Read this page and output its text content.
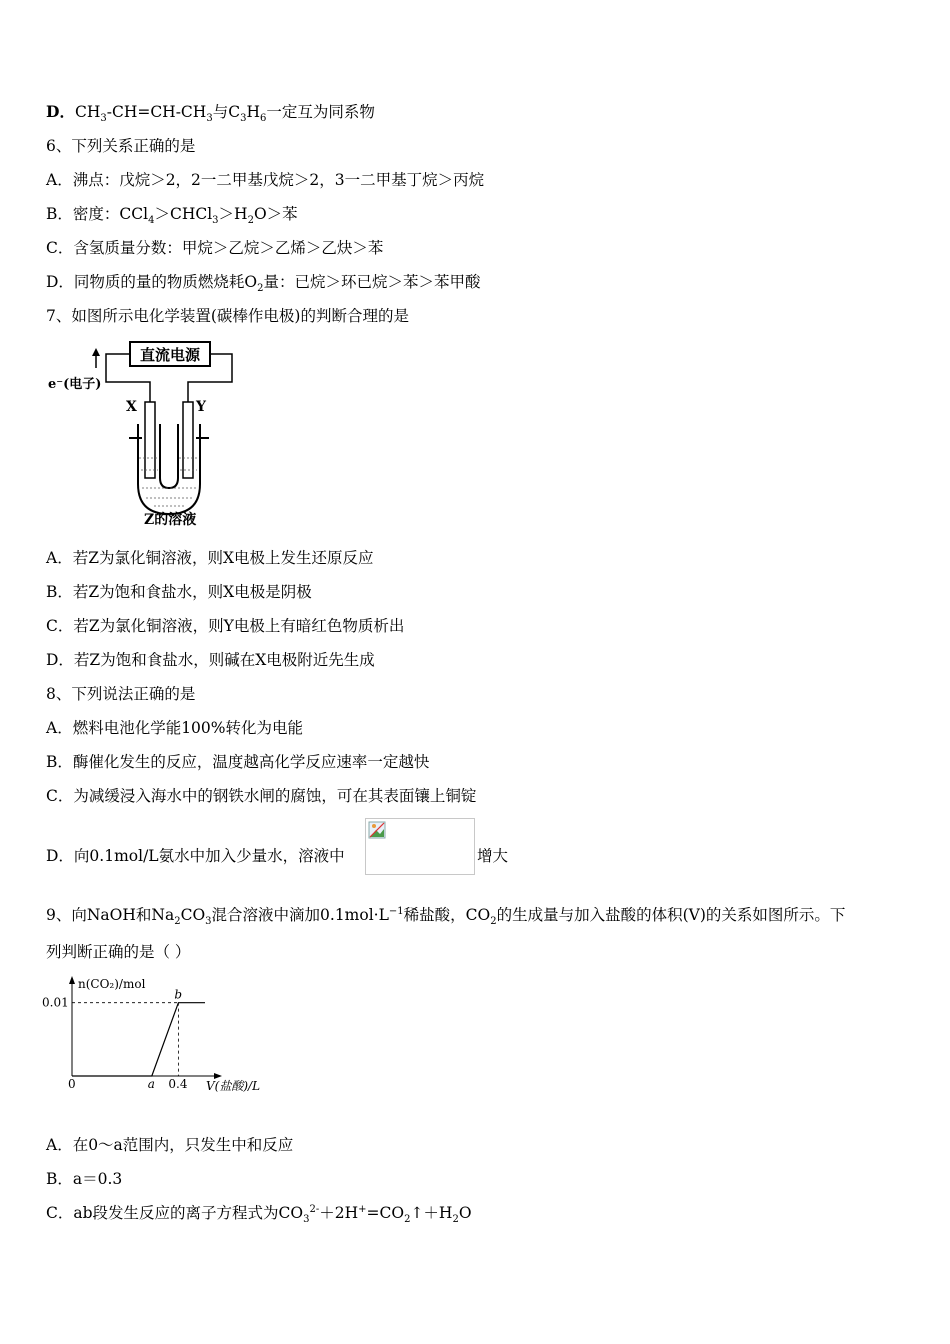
D．$CH_3-CH=CH-CH_3$与$C_3H_6$一定互为同系物
6、下列关系正确的是
A．沸点：戊烷＞2，2一二甲基戊烷＞2，3一二甲基丁烷＞丙烷
B．密度：$CCl_4>CHCl_3>H_2O>$苯
C．含氢质量分数：甲烷＞乙烷＞乙烯＞乙炔＞苯
D．同物质的量的物质燃烧耗$O_2$量：已烷＞环已烷＞苯＞苯甲酸
7、如图所示电化学装置(碳棒作电极)的判断合理的是
直流电源
e⁻(电子)
X	Y
Z的溶液
A．若Z为氯化铜溶液，则X电极上发生还原反应
B．若Z为饱和食盐水，则X电极是阴极
C．若Z为氯化铜溶液，则Y电极上有暗红色物质析出
D．若Z为饱和食盐水，则碱在X电极附近先生成
8、下列说法正确的是
A．燃料电池化学能100%转化为电能
B．酶催化发生的反应，温度越高化学反应速率一定越快
C．为减缓浸入海水中的钢铁水闸的腐蚀，可在其表面镶上铜锭
D．向0.1mol/L氨水中加入少量水，溶液中	增大
9、向NaOH和$Na_2CO_3$混合溶液中滴加$0.1mol\cdot L^{-1}$稀盐酸，$CO_2$的生成量与加入盐酸的体积(V)的关系如图所示。下
列判断正确的是（ ）
n(CO₂)/mol
V(盐酸)/L
0.01
0	a 0.4
b
A．在0～a范围内，只发生中和反应
B．a＝0.3
C．ab段发生反应的离子方程式为$CO_3^{2-}+2H^+=CO_2↑+H_2O$
